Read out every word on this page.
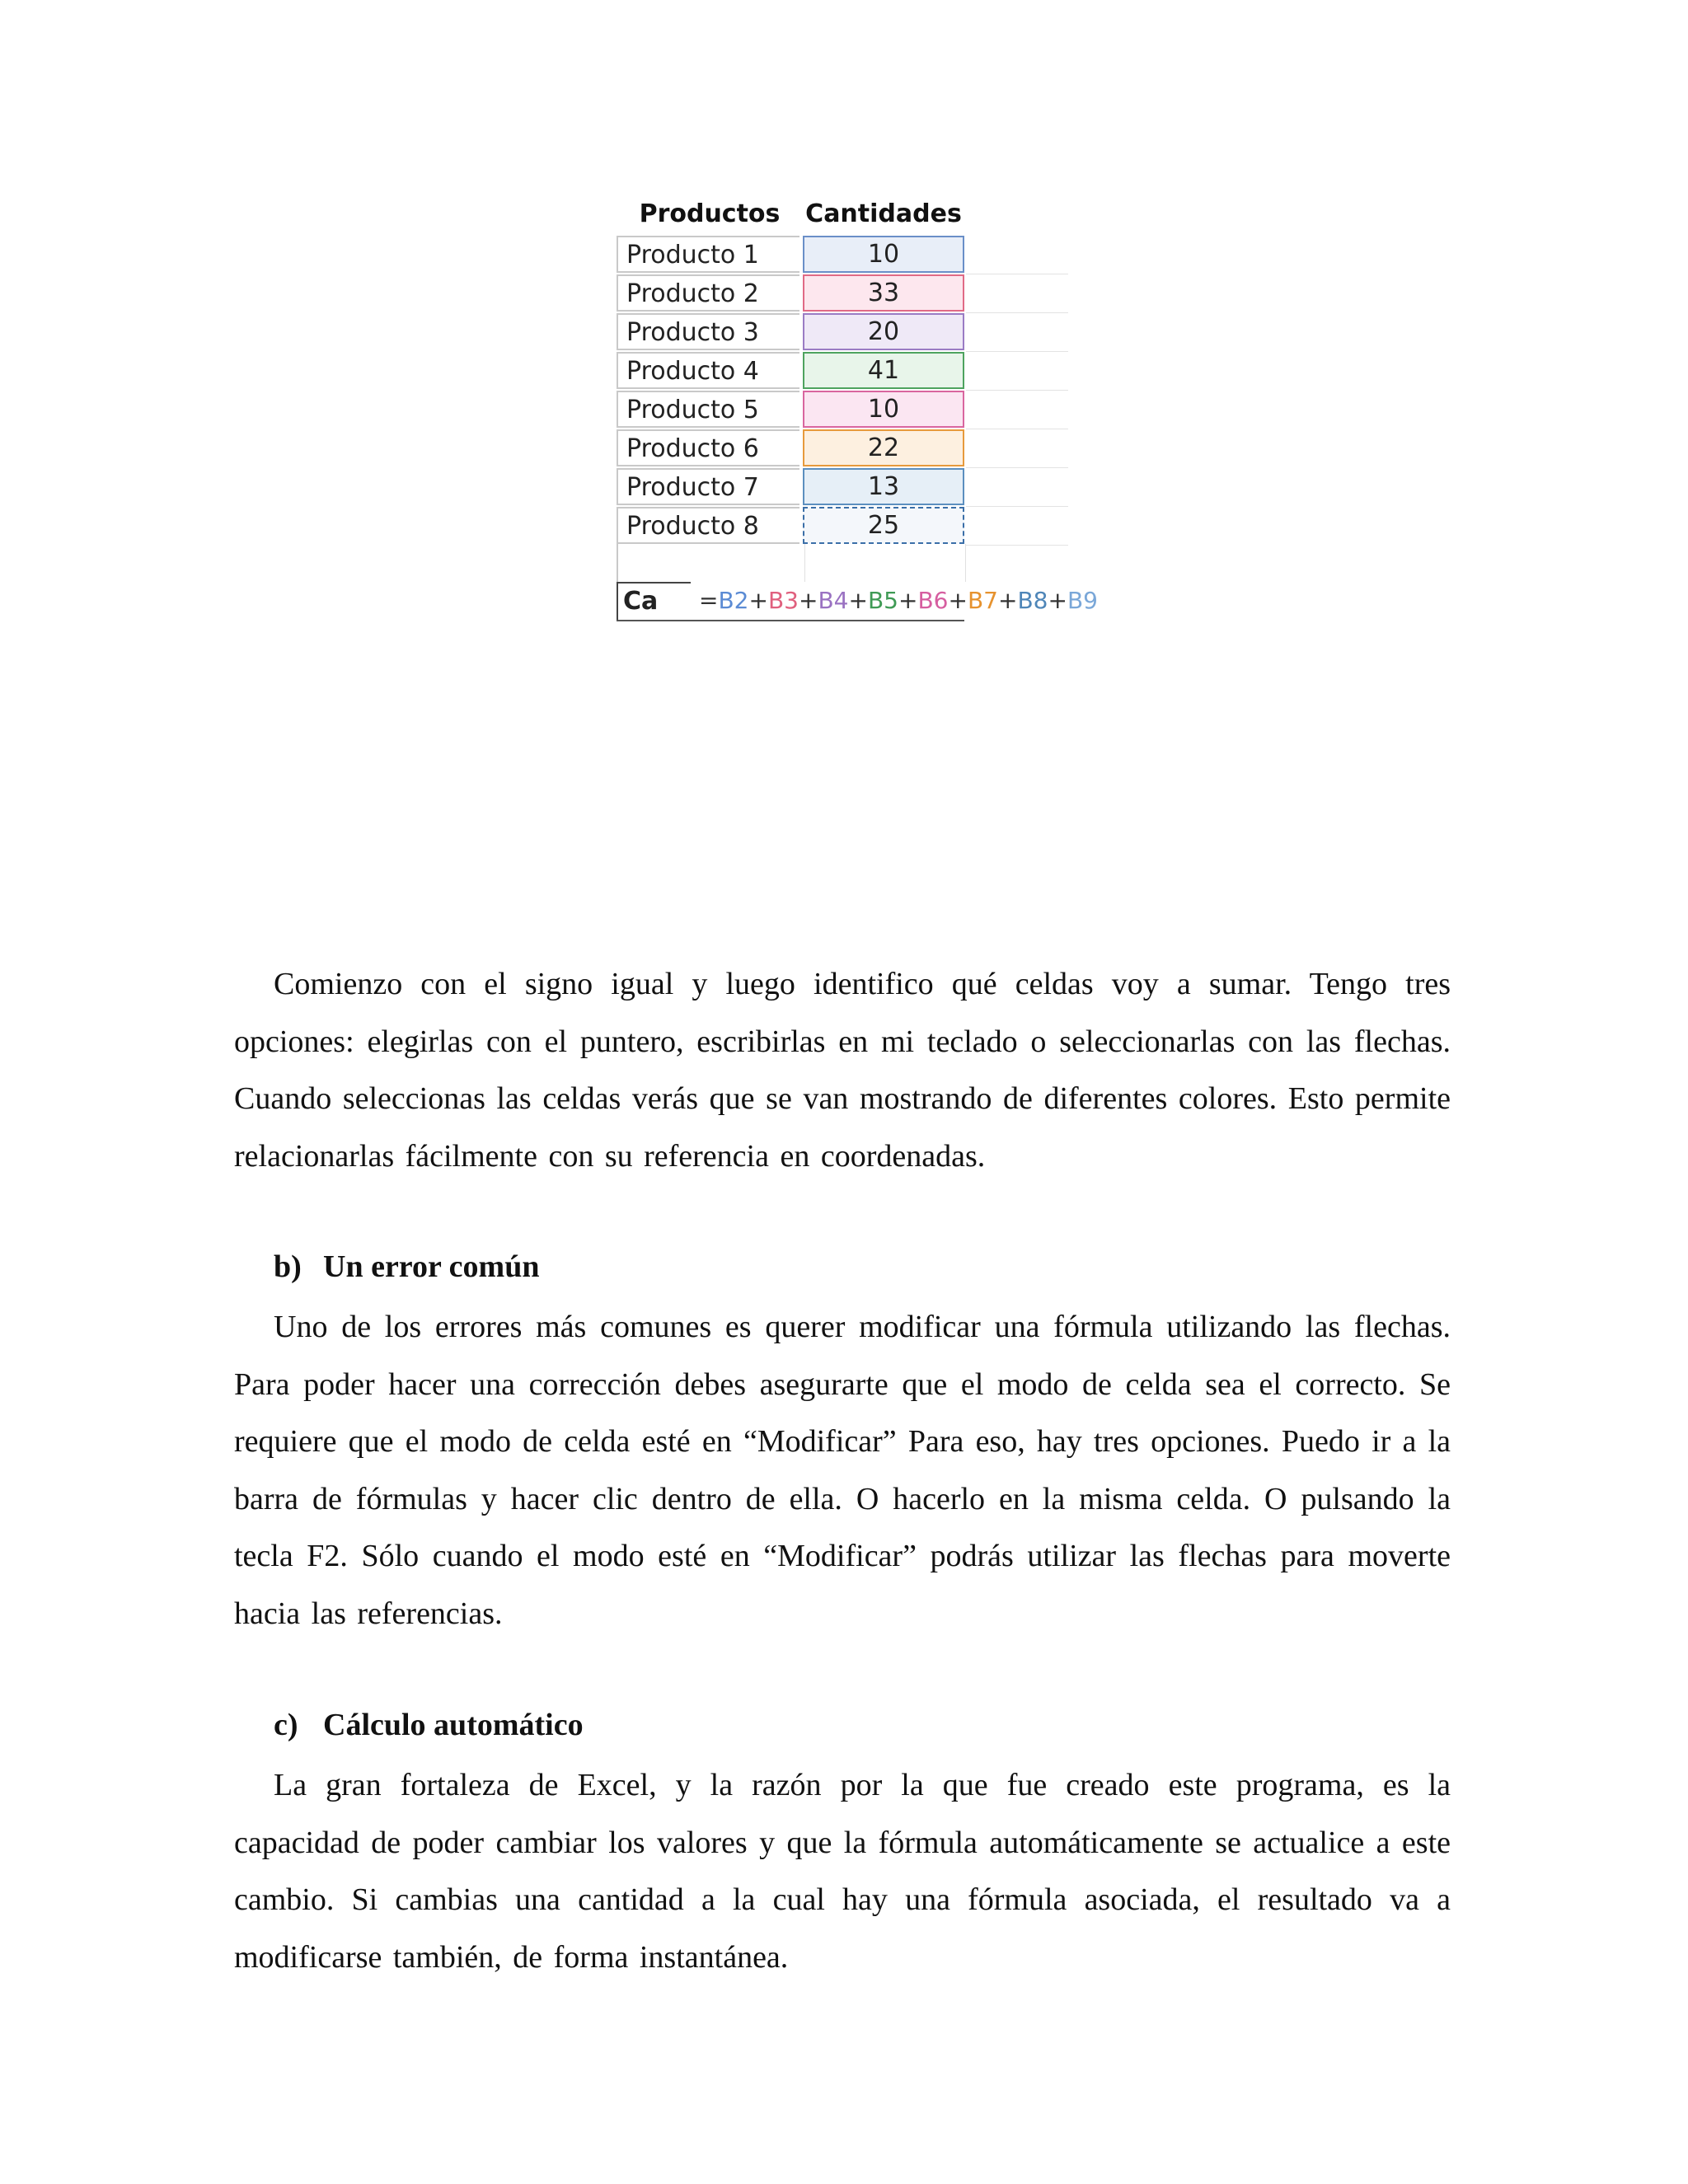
Productos	Cantidades
Producto 1	10
Producto 2	33
Producto 3	20
Producto 4	41
Producto 5	10
Producto 6	22
Producto 7	13
Producto 8	25
Ca	=B2+B3+B4+B5+B6+B7+B8+B9

Comienzo con el signo igual y luego identifico qué celdas voy a sumar. Tengo tres opciones: elegirlas con el puntero, escribirlas en mi teclado o seleccionarlas con las flechas. Cuando seleccionas las celdas verás que se van mostrando de diferentes colores. Esto permite relacionarlas fácilmente con su referencia en coordenadas.

b) Un error común

Uno de los errores más comunes es querer modificar una fórmula utilizando las flechas. Para poder hacer una corrección debes asegurarte que el modo de celda sea el correcto. Se requiere que el modo de celda esté en “Modificar” Para eso, hay tres opciones. Puedo ir a la barra de fórmulas y hacer clic dentro de ella. O hacerlo en la misma celda. O pulsando la tecla F2. Sólo cuando el modo esté en “Modificar” podrás utilizar las flechas para moverte hacia las referencias.

c) Cálculo automático

La gran fortaleza de Excel, y la razón por la que fue creado este programa, es la capacidad de poder cambiar los valores y que la fórmula automáticamente se actualice a este cambio. Si cambias una cantidad a la cual hay una fórmula asociada, el resultado va a modificarse también, de forma instantánea.
